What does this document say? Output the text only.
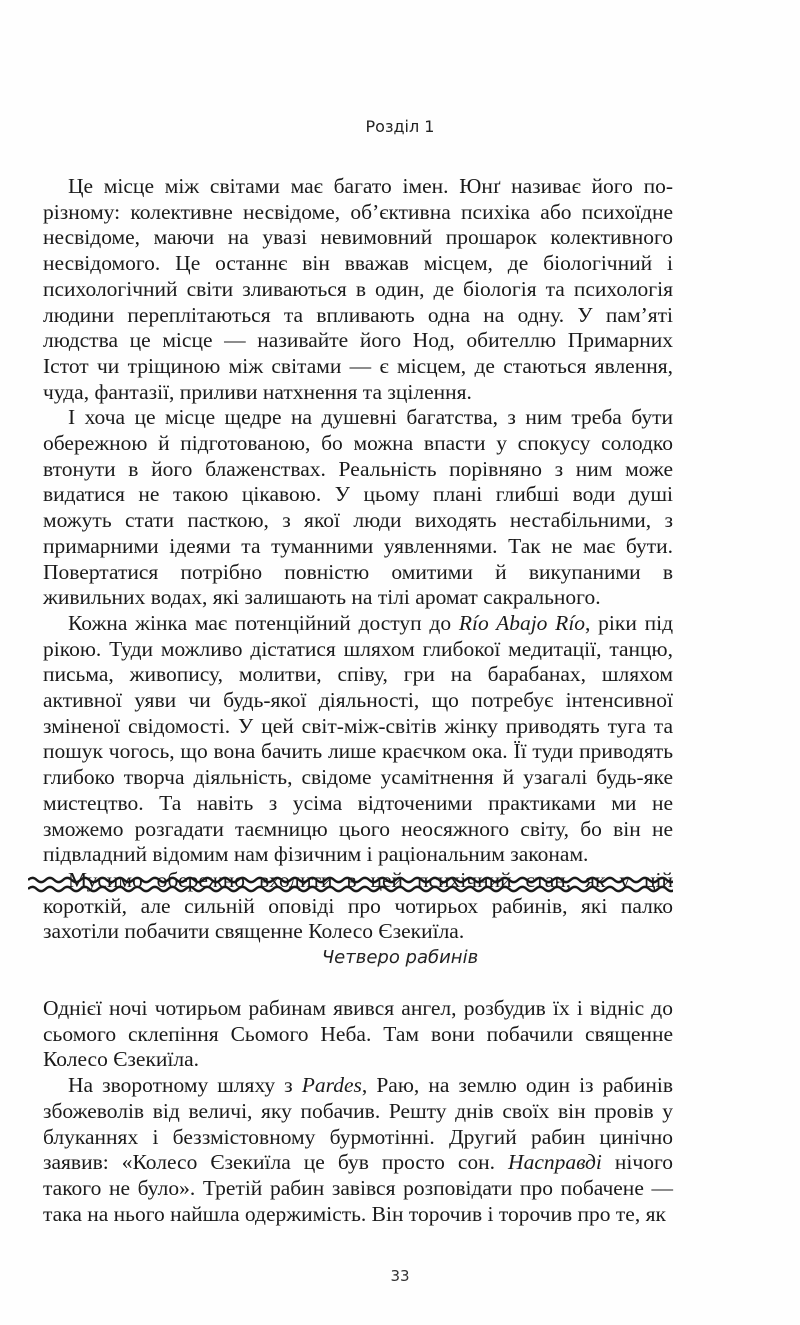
Розділ 1

Це місце між світами має багато імен. Юнґ називає його по-різному: колективне несвідоме, об’єктивна психіка або психоїдне несвідоме, маючи на увазі невимовний прошарок колективного несвідомого. Це останнє він вважав місцем, де біологічний і психологічний світи зливаються в один, де біологія та психологія людини переплітаються та впливають одна на одну. У пам’яті людства це місце — називайте його Нод, обителлю Примарних Істот чи тріщиною між світами — є місцем, де стаються явлення, чуда, фантазії, приливи натхнення та зцілення.

І хоча це місце щедре на душевні багатства, з ним треба бути обережною й підготованою, бо можна впасти у спокусу солодко втонути в його блаженствах. Реальність порівняно з ним може видатися не такою цікавою. У цьому плані глибші води душі можуть стати пасткою, з якої люди виходять нестабільними, з примарними ідеями та туманними уявленнями. Так не має бути. Повертатися потрібно повністю омитими й викупаними в живильних водах, які залишають на тілі аромат сакрального.

Кожна жінка має потенційний доступ до Río Abajo Río, ріки під рікою. Туди можливо дістатися шляхом глибокої медитації, танцю, письма, живопису, молитви, співу, гри на барабанах, шляхом активної уяви чи будь-якої діяльності, що потребує інтенсивної зміненої свідомості. У цей світ-між-світів жінку приводять туга та пошук чогось, що вона бачить лише краєчком ока. Її туди приводять глибоко творча діяльність, свідоме усамітнення й узагалі будь-яке мистецтво. Та навіть з усіма відточеними практиками ми не зможемо розгадати таємницю цього неосяжного світу, бо він не підвладний відомим нам фізичним і раціональним законам.

Мусимо обережно входити в цей психічний стан, як у цій короткій, але сильній оповіді про чотирьох рабинів, які палко захотіли побачити священне Колесо Єзекиїла.

Четверо рабинів

Однієї ночі чотирьом рабинам явився ангел, розбудив їх і відніс до сьомого склепіння Сьомого Неба. Там вони побачили священне Колесо Єзекиїла.

На зворотному шляху з Pardes, Раю, на землю один із рабинів збожеволів від величі, яку побачив. Решту днів своїх він провів у блуканнях і беззмістовному бурмотінні. Другий рабин цинічно заявив: «Колесо Єзекиїла це був просто сон. Насправді нічого такого не було». Третій рабин завівся розповідати про побачене — така на нього найшла одержимість. Він торочив і торочив про те, як

33
